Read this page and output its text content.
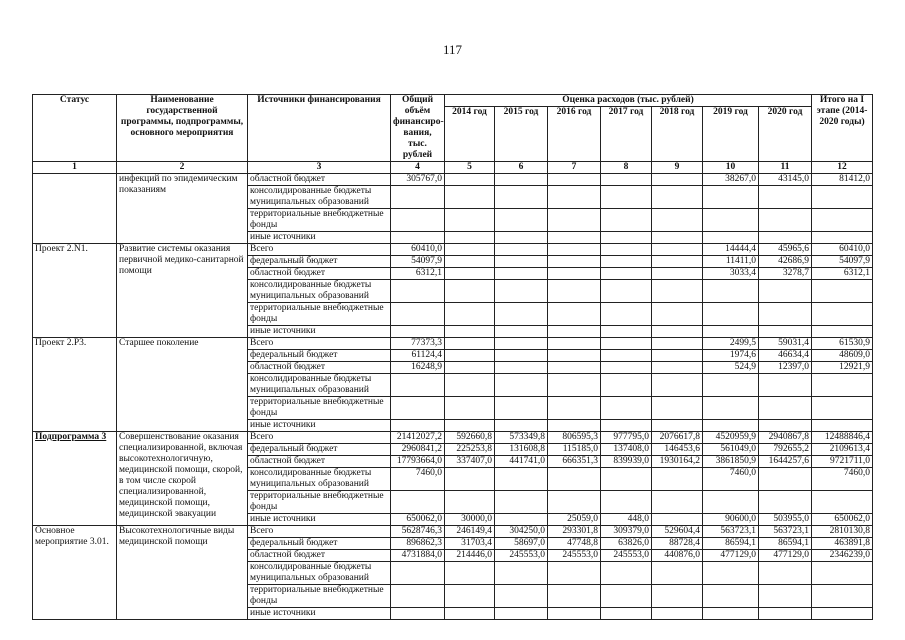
117
Статус	Наименование государственной программы, подпрограммы, основного мероприятия	Источники финансирования	Общий объём финансиро-вания, тыс. рублей	Оценка расходов (тыс. рублей)							Итого на I этапе (2014-2020 годы)
				2014 год	2015 год	2016 год	2017 год	2018 год	2019 год	2020 год	
1	2	3	4	5	6	7	8	9	10	11	12
	инфекций по эпидемическим показаниям	областной бюджет	305767,0						38267,0	43145,0	81412,0
		консолидированные бюджеты муниципальных образований									
		территориальные внебюджетные фонды									
		иные источники									
Проект 2.N1.	Развитие системы оказания первичной медико-санитарной помощи	Всего	60410,0						14444,4	45965,6	60410,0
		федеральный бюджет	54097,9						11411,0	42686,9	54097,9
		областной бюджет	6312,1						3033,4	3278,7	6312,1
		консолидированные бюджеты муниципальных образований									
		территориальные внебюджетные фонды									
		иные источники									
Проект 2.Р3.	Старшее поколение	Всего	77373,3						2499,5	59031,4	61530,9
		федеральный бюджет	61124,4						1974,6	46634,4	48609,0
		областной бюджет	16248,9						524,9	12397,0	12921,9
		консолидированные бюджеты муниципальных образований									
		территориальные внебюджетные фонды									
		иные источники									
Подпрограмма 3	Совершенствование оказания специализированной, включая высокотехнологичную, медицинской помощи, скорой, в том числе скорой специализированной, медицинской помощи, медицинской эвакуации	Всего	21412027,2	592660,8	573349,8	806595,3	977795,0	2076617,8	4520959,9	2940867,8	12488846,4
		федеральный бюджет	2960841,2	225253,8	131608,8	115185,0	137408,0	146453,6	561049,0	792655,2	2109613,4
		областной бюджет	17793664,0	337407,0	441741,0	666351,3	839939,0	1930164,2	3861850,9	1644257,6	9721711,0
		консолидированные бюджеты муниципальных образований	7460,0						7460,0		7460,0
		территориальные внебюджетные фонды									
		иные источники	650062,0	30000,0		25059,0	448,0		90600,0	503955,0	650062,0
Основное мероприятие 3.01.	Высокотехнологичные виды медицинской помощи	Всего	5628746,3	246149,4	304250,0	293301,8	309379,0	529604,4	563723,1	563723,1	2810130,8
		федеральный бюджет	896862,3	31703,4	58697,0	47748,8	63826,0	88728,4	86594,1	86594,1	463891,8
		областной бюджет	4731884,0	214446,0	245553,0	245553,0	245553,0	440876,0	477129,0	477129,0	2346239,0
		консолидированные бюджеты муниципальных образований									
		территориальные внебюджетные фонды									
		иные источники									
